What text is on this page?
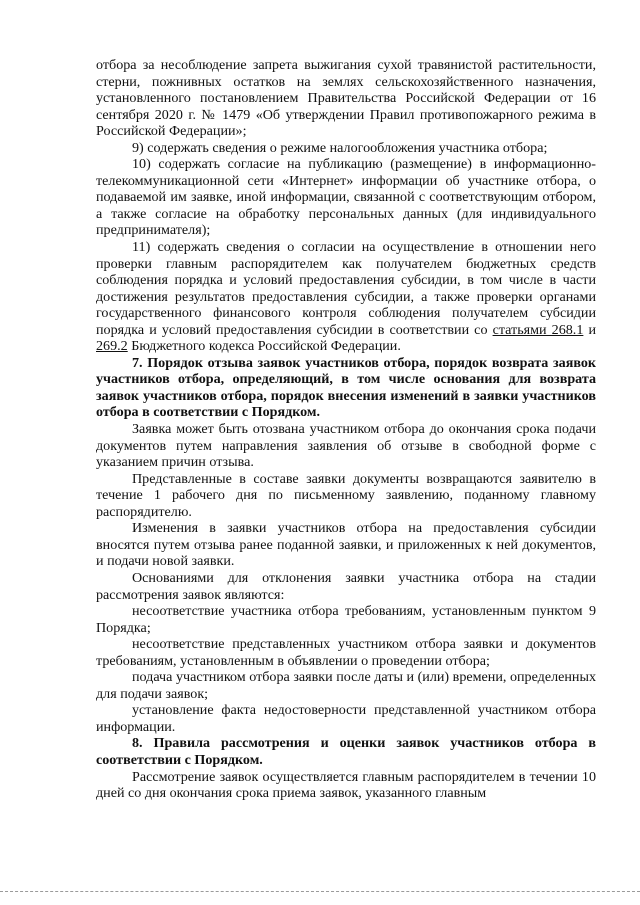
отбора за несоблюдение запрета выжигания сухой травянистой растительности, стерни, пожнивных остатков на землях сельскохозяйственного назначения, установленного постановлением Правительства Российской Федерации от 16 сентября 2020 г. № 1479 «Об утверждении Правил противопожарного режима в Российской Федерации»;

9) содержать сведения о режиме налогообложения участника отбора;

10) содержать согласие на публикацию (размещение) в информационно-телекоммуникационной сети «Интернет» информации об участнике отбора, о подаваемой им заявке, иной информации, связанной с соответствующим отбором, а также согласие на обработку персональных данных (для индивидуального предпринимателя);

11) содержать сведения о согласии на осуществление в отношении него проверки главным распорядителем как получателем бюджетных средств соблюдения порядка и условий предоставления субсидии, в том числе в части достижения результатов предоставления субсидии, а также проверки органами государственного финансового контроля соблюдения получателем субсидии порядка и условий предоставления субсидии в соответствии со статьями 268.1 и 269.2 Бюджетного кодекса Российской Федерации.

7. Порядок отзыва заявок участников отбора, порядок возврата заявок участников отбора, определяющий, в том числе основания для возврата заявок участников отбора, порядок внесения изменений в заявки участников отбора в соответствии с Порядком.

Заявка может быть отозвана участником отбора до окончания срока подачи документов путем направления заявления об отзыве в свободной форме с указанием причин отзыва.

Представленные в составе заявки документы возвращаются заявителю в течение 1 рабочего дня по письменному заявлению, поданному главному распорядителю.

Изменения в заявки участников отбора на предоставления субсидии вносятся путем отзыва ранее поданной заявки, и приложенных к ней документов, и подачи новой заявки.

Основаниями для отклонения заявки участника отбора на стадии рассмотрения заявок являются:

несоответствие участника отбора требованиям, установленным пунктом 9 Порядка;

несоответствие представленных участником отбора заявки и документов требованиям, установленным в объявлении о проведении отбора;

подача участником отбора заявки после даты и (или) времени, определенных для подачи заявок;

установление факта недостоверности представленной участником отбора информации.

8. Правила рассмотрения и оценки заявок участников отбора в соответствии с Порядком.

Рассмотрение заявок осуществляется главным распорядителем в течении 10 дней со дня окончания срока приема заявок, указанного главным
